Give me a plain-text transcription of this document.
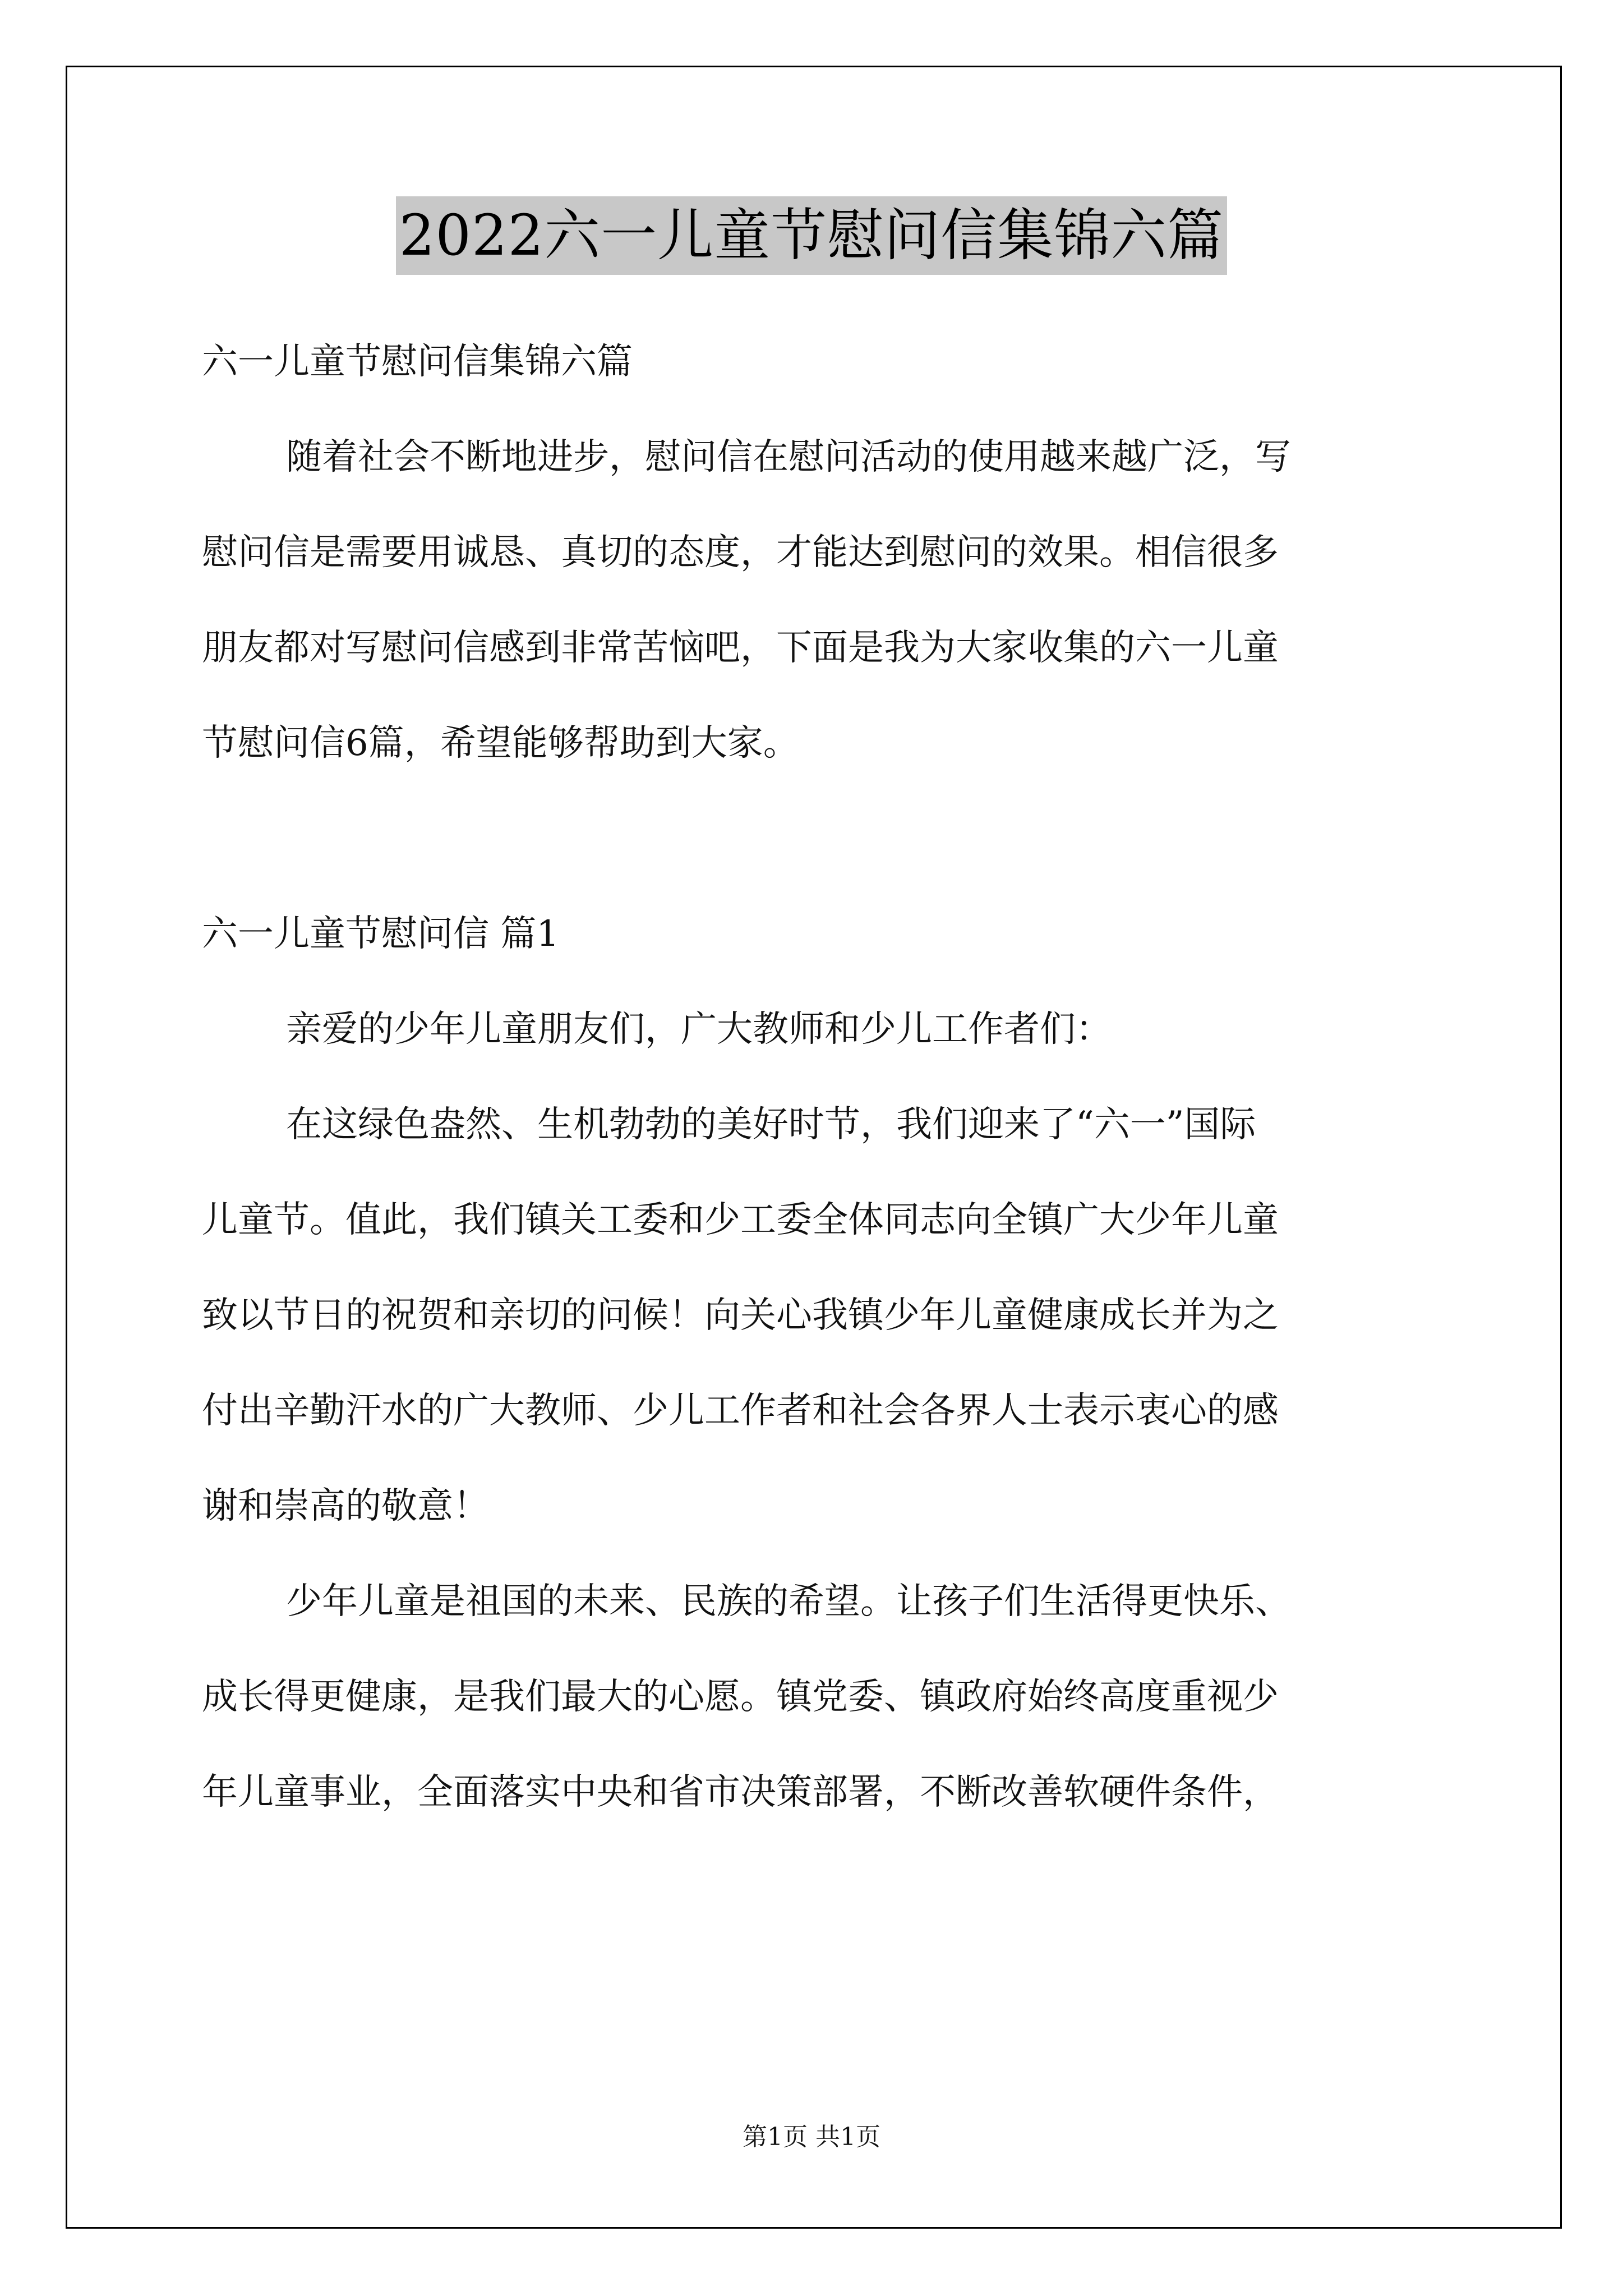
2022六一儿童节慰问信集锦六篇

六一儿童节慰问信集锦六篇

随着社会不断地进步，慰问信在慰问活动的使用越来越广泛，写

慰问信是需要用诚恳、真切的态度，才能达到慰问的效果。相信很多

朋友都对写慰问信感到非常苦恼吧，下面是我为大家收集的六一儿童

节慰问信6篇，希望能够帮助到大家。

六一儿童节慰问信 篇1

亲爱的少年儿童朋友们，广大教师和少儿工作者们：

在这绿色盎然、生机勃勃的美好时节，我们迎来了“六一”国际

儿童节。值此，我们镇关工委和少工委全体同志向全镇广大少年儿童

致以节日的祝贺和亲切的问候！向关心我镇少年儿童健康成长并为之

付出辛勤汗水的广大教师、少儿工作者和社会各界人士表示衷心的感

谢和崇高的敬意！

少年儿童是祖国的未来、民族的希望。让孩子们生活得更快乐、

成长得更健康，是我们最大的心愿。镇党委、镇政府始终高度重视少

年儿童事业，全面落实中央和省市决策部署，不断改善软硬件条件，

第1页 共1页
